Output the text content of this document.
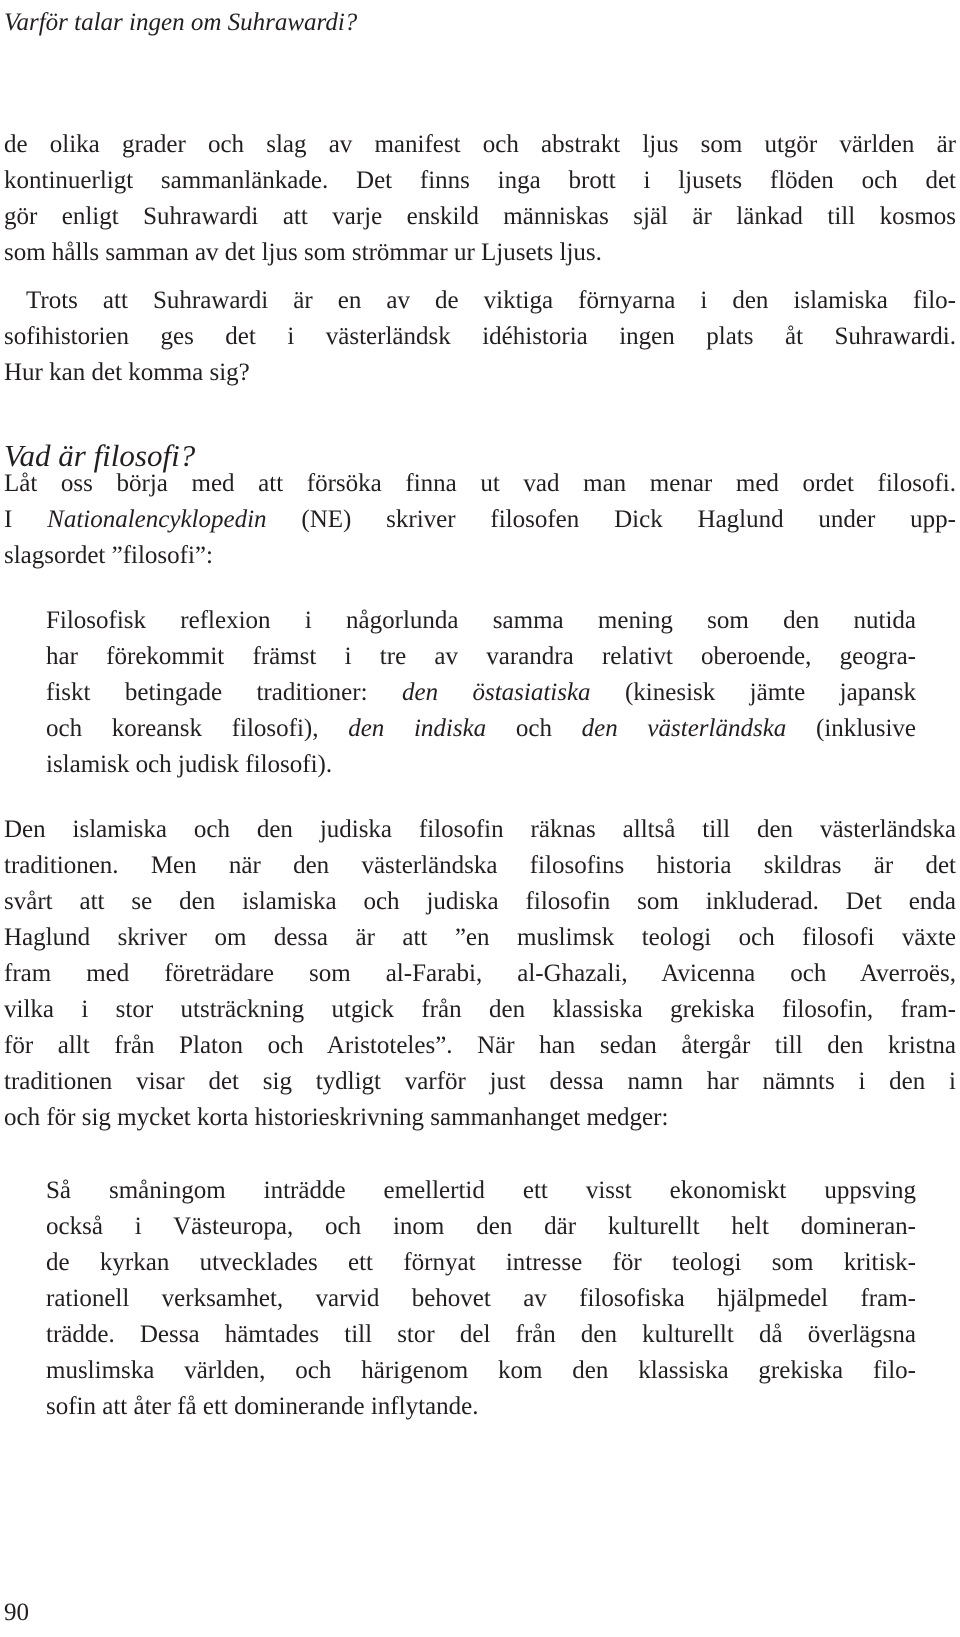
Varför talar ingen om Suhrawardi?

de olika grader och slag av manifest och abstrakt ljus som utgör världen är
kontinuerligt sammanlänkade. Det finns inga brott i ljusets flöden och det
gör enligt Suhrawardi att varje enskild människas själ är länkad till kosmos
som hålls samman av det ljus som strömmar ur Ljusets ljus.
Trots att Suhrawardi är en av de viktiga förnyarna i den islamiska filo-
sofihistorien ges det i västerländsk idéhistoria ingen plats åt Suhrawardi.
Hur kan det komma sig?
Vad är filosofi?
Låt oss börja med att försöka finna ut vad man menar med ordet filosofi.
I Nationalencyklopedin (NE) skriver filosofen Dick Haglund under upp-
slagsordet ”filosofi”:
Filosofisk reflexion i någorlunda samma mening som den nutida
har förekommit främst i tre av varandra relativt oberoende, geogra-
fiskt betingade traditioner: den östasiatiska (kinesisk jämte japansk
och koreansk filosofi), den indiska och den västerländska (inklusive
islamisk och judisk filosofi).
Den islamiska och den judiska filosofin räknas alltså till den västerländska
traditionen. Men när den västerländska filosofins historia skildras är det
svårt att se den islamiska och judiska filosofin som inkluderad. Det enda
Haglund skriver om dessa är att ”en muslimsk teologi och filosofi växte
fram med företrädare som al-Farabi, al-Ghazali, Avicenna och Averroës,
vilka i stor utsträckning utgick från den klassiska grekiska filosofin, fram-
för allt från Platon och Aristoteles”. När han sedan återgår till den kristna
traditionen visar det sig tydligt varför just dessa namn har nämnts i den i
och för sig mycket korta historieskrivning sammanhanget medger:
Så småningom inträdde emellertid ett visst ekonomiskt uppsving
också i Västeuropa, och inom den där kulturellt helt domineran-
de kyrkan utvecklades ett förnyat intresse för teologi som kritisk-
rationell verksamhet, varvid behovet av filosofiska hjälpmedel fram-
trädde. Dessa hämtades till stor del från den kulturellt då överlägsna
muslimska världen, och härigenom kom den klassiska grekiska filo-
sofin att åter få ett dominerande inflytande.

90
